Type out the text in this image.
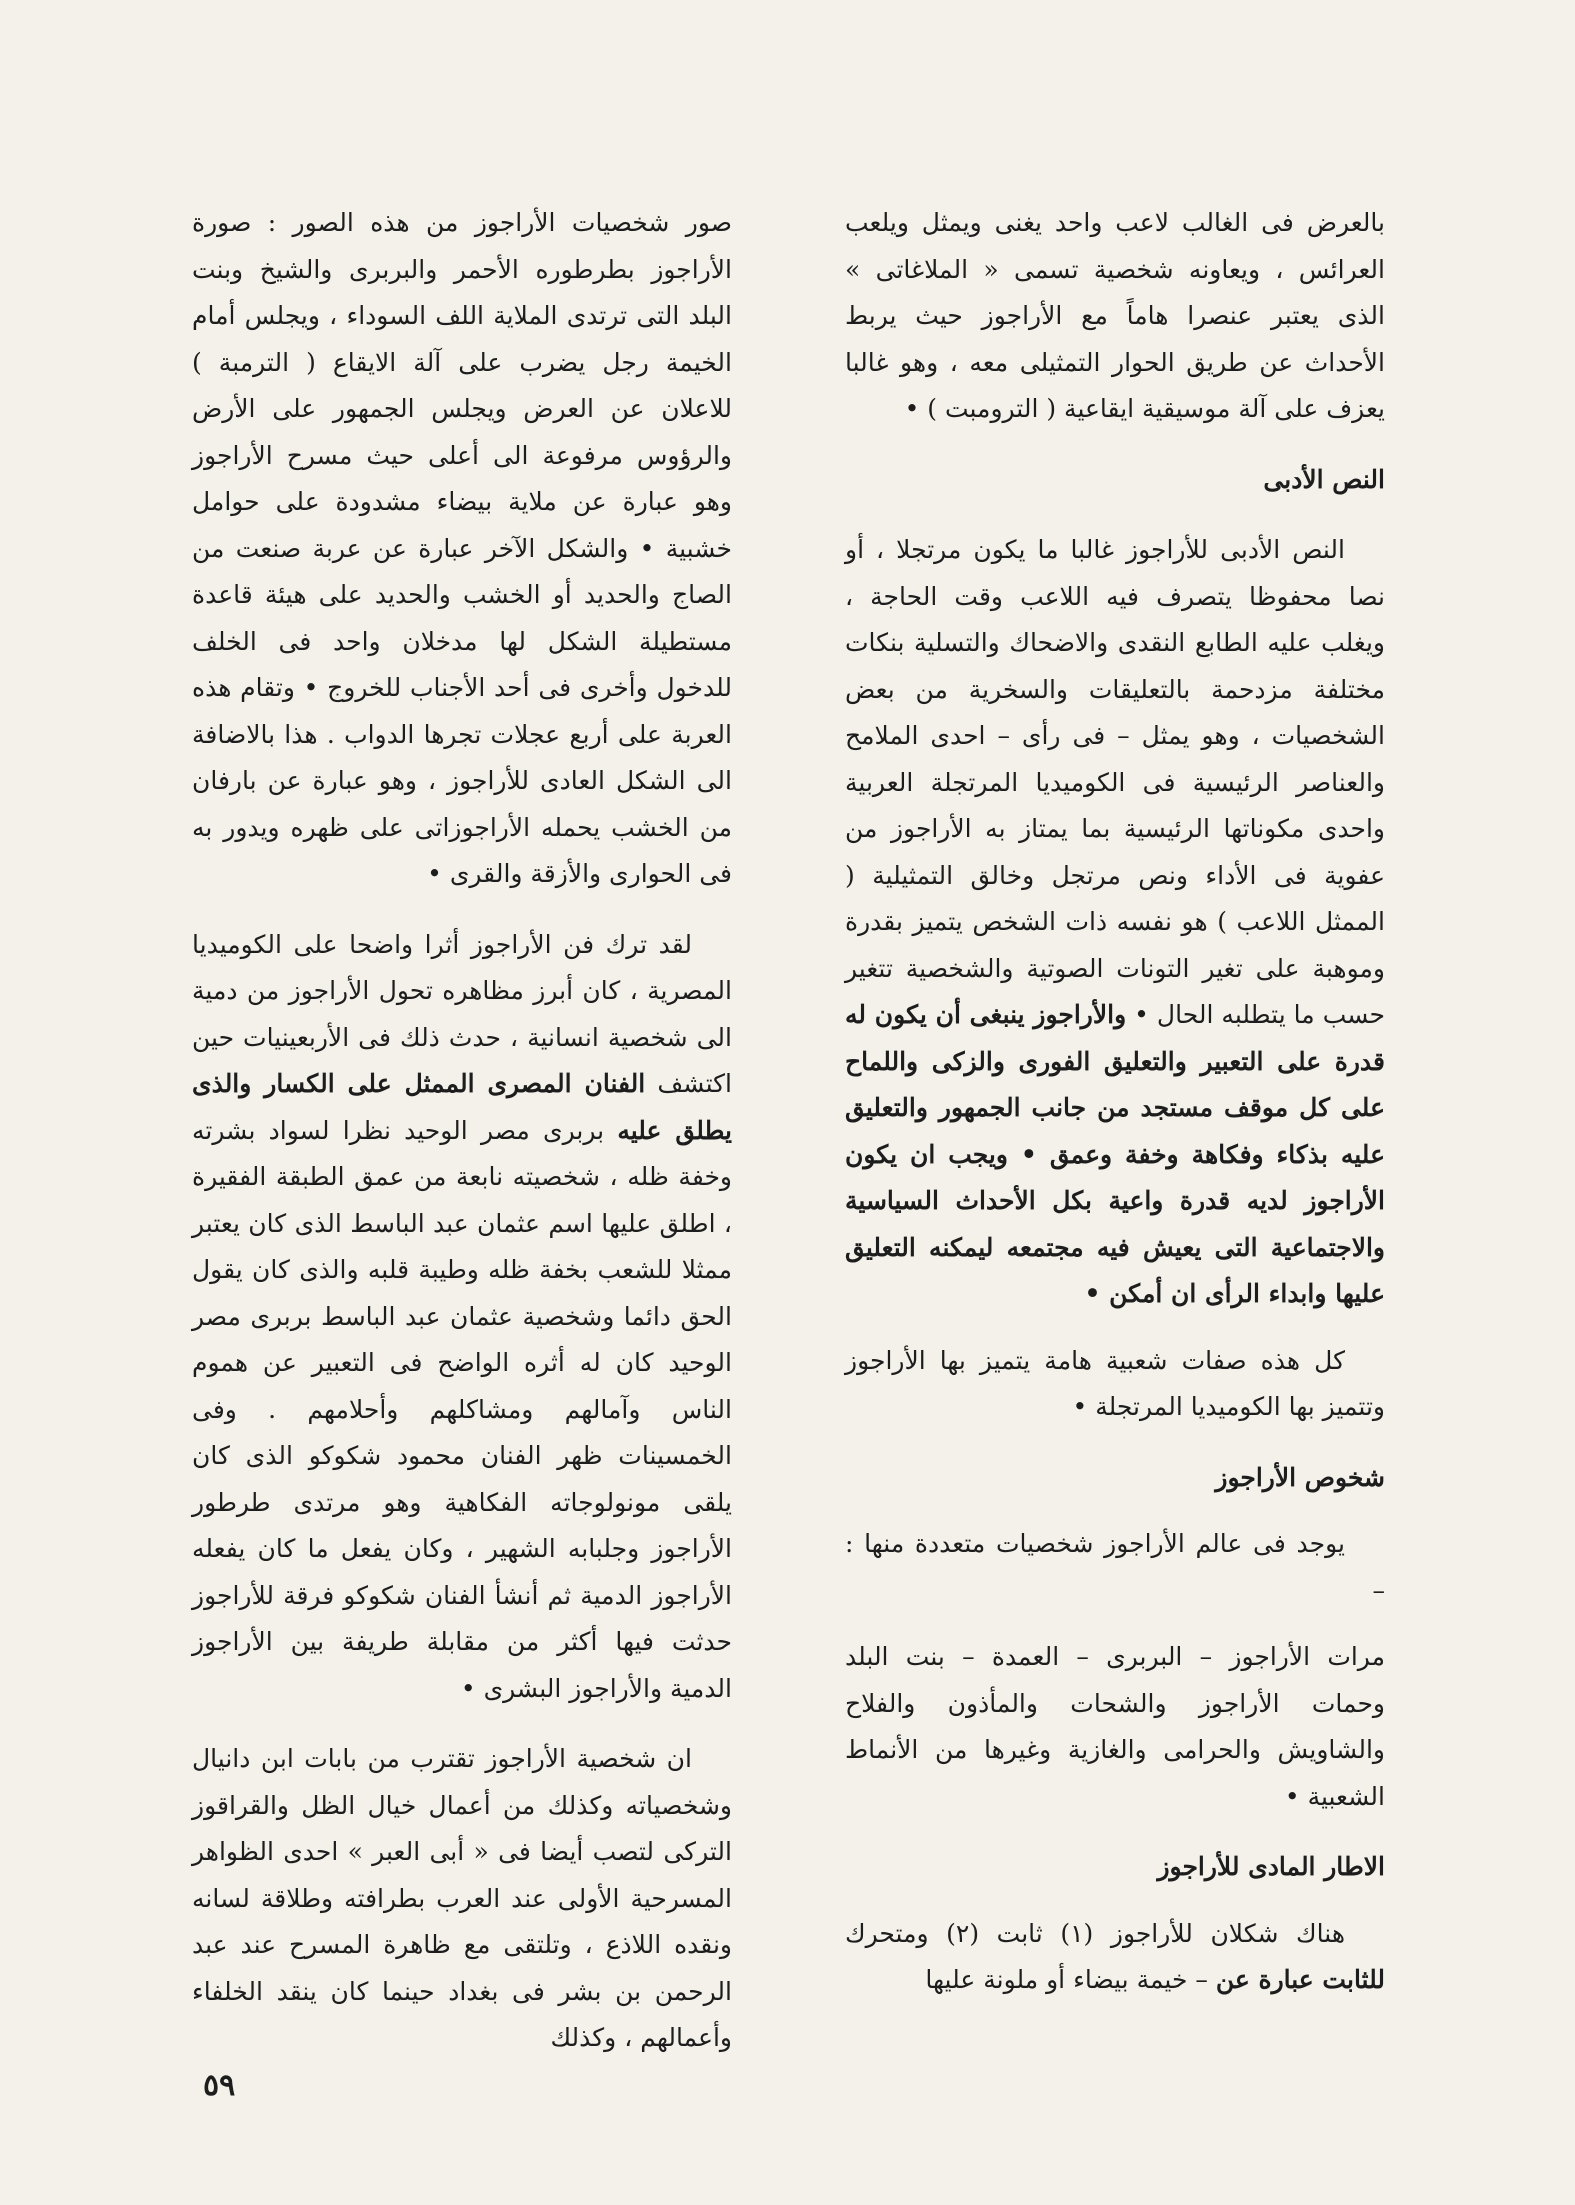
بالعرض فى الغالب لاعب واحد يغنى ويمثل ويلعب العرائس ، ويعاونه شخصية تسمى « الملاغاتى » الذى يعتبر عنصرا هاماً مع الأراجوز حيث يربط الأحداث عن طريق الحوار التمثيلى معه ، وهو غالبا يعزف على آلة موسيقية ايقاعية ( الترومبت ) •

النص الأدبى

النص الأدبى للأراجوز غالبا ما يكون مرتجلا ، أو نصا محفوظا يتصرف فيه اللاعب وقت الحاجة ، ويغلب عليه الطابع النقدى والاضحاك والتسلية بنكات مختلفة مزدحمة بالتعليقات والسخرية من بعض الشخصيات ، وهو يمثل – فى رأى – احدى الملامح والعناصر الرئيسية فى الكوميديا المرتجلة العربية واحدى مكوناتها الرئيسية بما يمتاز به الأراجوز من عفوية فى الأداء ونص مرتجل وخالق التمثيلية ( الممثل اللاعب ) هو نفسه ذات الشخص يتميز بقدرة وموهبة على تغير التونات الصوتية والشخصية تتغير حسب ما يتطلبه الحال • والأراجوز ينبغى أن يكون له قدرة على التعبير والتعليق الفورى والزكى واللماح على كل موقف مستجد من جانب الجمهور والتعليق عليه بذكاء وفكاهة وخفة وعمق • ويجب ان يكون الأراجوز لديه قدرة واعية بكل الأحداث السياسية والاجتماعية التى يعيش فيه مجتمعه ليمكنه التعليق عليها وابداء الرأى ان أمكن •

كل هذه صفات شعبية هامة يتميز بها الأراجوز وتتميز بها الكوميديا المرتجلة •

شخوص الأراجوز

يوجد فى عالم الأراجوز شخصيات متعددة منها : –

مرات الأراجوز – البربرى – العمدة – بنت البلد وحمات الأراجوز والشحات والمأذون والفلاح والشاويش والحرامى والغازية وغيرها من الأنماط الشعبية •

الاطار المادى للأراجوز

هناك شكلان للأراجوز (١) ثابت (٢) ومتحرك للثابت عبارة عن – خيمة بيضاء أو ملونة عليها

صور شخصيات الأراجوز من هذه الصور : صورة الأراجوز بطرطوره الأحمر والبربرى والشيخ وبنت البلد التى ترتدى الملاية اللف السوداء ، ويجلس أمام الخيمة رجل يضرب على آلة الايقاع ( الترمبة ) للاعلان عن العرض ويجلس الجمهور على الأرض والرؤوس مرفوعة الى أعلى حيث مسرح الأراجوز وهو عبارة عن ملاية بيضاء مشدودة على حوامل خشبية • والشكل الآخر عبارة عن عربة صنعت من الصاج والحديد أو الخشب والحديد على هيئة قاعدة مستطيلة الشكل لها مدخلان واحد فى الخلف للدخول وأخرى فى أحد الأجناب للخروج • وتقام هذه العربة على أربع عجلات تجرها الدواب . هذا بالاضافة الى الشكل العادى للأراجوز ، وهو عبارة عن بارفان من الخشب يحمله الأراجوزاتى على ظهره ويدور به فى الحوارى والأزقة والقرى •

لقد ترك فن الأراجوز أثرا واضحا على الكوميديا المصرية ، كان أبرز مظاهره تحول الأراجوز من دمية الى شخصية انسانية ، حدث ذلك فى الأربعينيات حين اكتشف الفنان المصرى الممثل على الكسار والذى يطلق عليه بربرى مصر الوحيد نظرا لسواد بشرته وخفة ظله ، شخصيته نابعة من عمق الطبقة الفقيرة ، اطلق عليها اسم عثمان عبد الباسط الذى كان يعتبر ممثلا للشعب بخفة ظله وطيبة قلبه والذى كان يقول الحق دائما وشخصية عثمان عبد الباسط بربرى مصر الوحيد كان له أثره الواضح فى التعبير عن هموم الناس وآمالهم ومشاكلهم وأحلامهم . وفى الخمسينات ظهر الفنان محمود شكوكو الذى كان يلقى مونولوجاته الفكاهية وهو مرتدى طرطور الأراجوز وجلبابه الشهير ، وكان يفعل ما كان يفعله الأراجوز الدمية ثم أنشأ الفنان شكوكو فرقة للأراجوز حدثت فيها أكثر من مقابلة طريفة بين الأراجوز الدمية والأراجوز البشرى •

ان شخصية الأراجوز تقترب من بابات ابن دانيال وشخصياته وكذلك من أعمال خيال الظل والقراقوز التركى لتصب أيضا فى « أبى العبر » احدى الظواهر المسرحية الأولى عند العرب بطرافته وطلاقة لسانه ونقده اللاذع ، وتلتقى مع ظاهرة المسرح عند عبد الرحمن بن بشر فى بغداد حينما كان ينقد الخلفاء وأعمالهم ، وكذلك

٥٩
